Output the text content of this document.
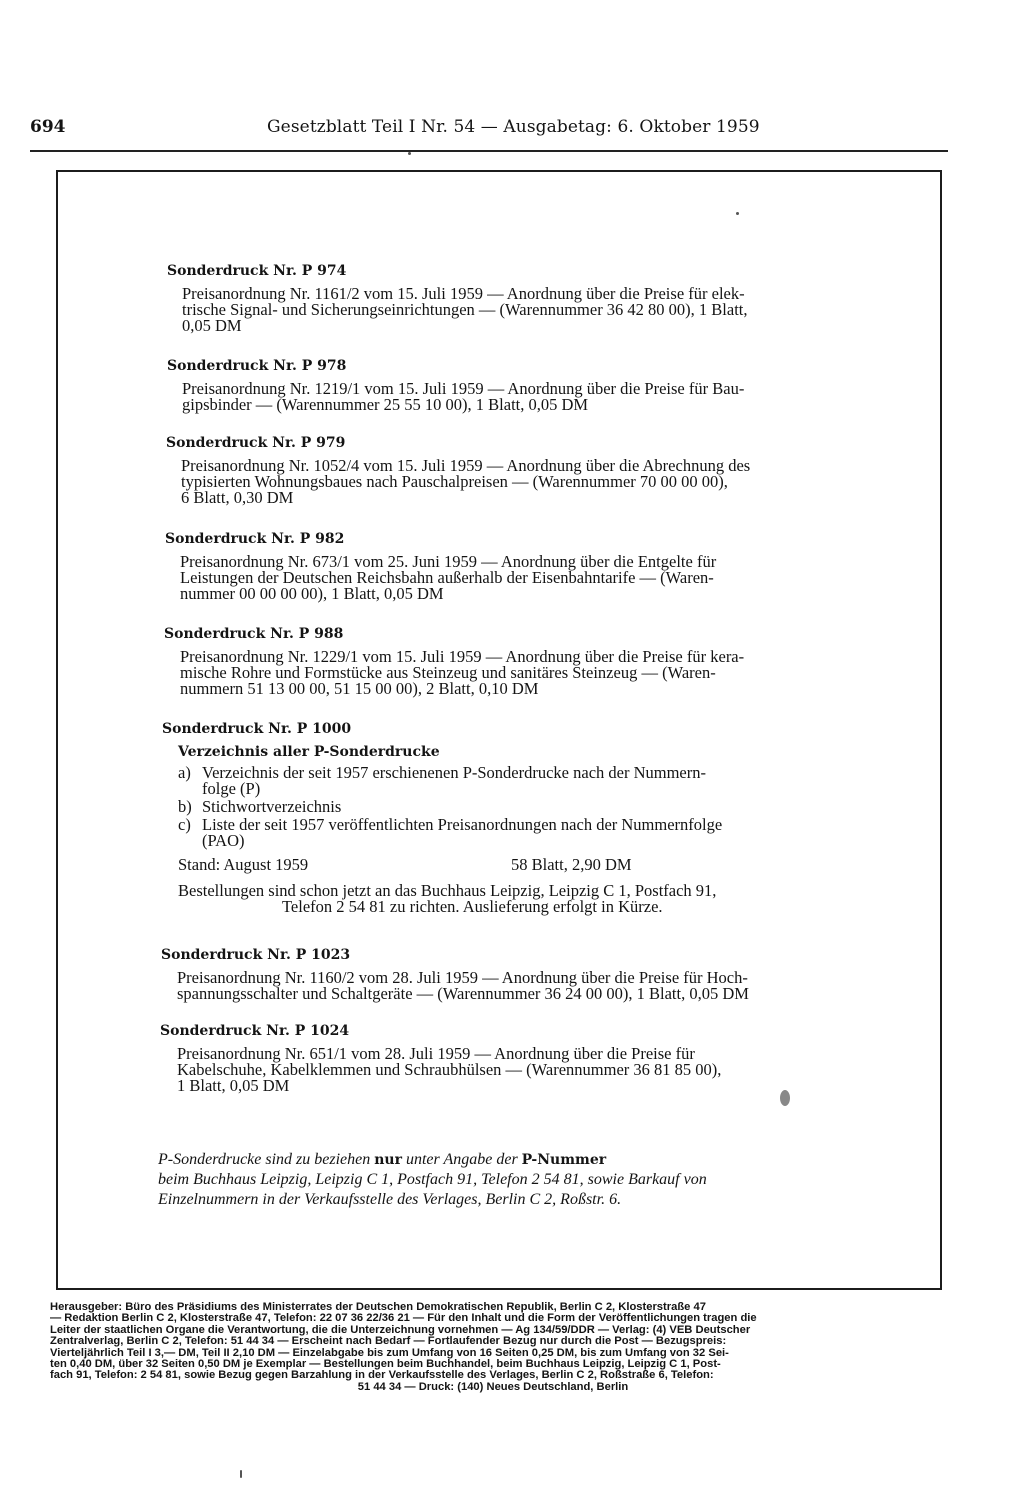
694	Gesetzblatt Teil I Nr. 54 — Ausgabetag: 6. Oktober 1959
Sonderdruck Nr. P 974
Preisanordnung Nr. 1161/2 vom 15. Juli 1959 — Anordnung über die Preise für elek-
trische Signal- und Sicherungseinrichtungen — (Warennummer 36 42 80 00), 1 Blatt,
0,05 DM
Sonderdruck Nr. P 978
Preisanordnung Nr. 1219/1 vom 15. Juli 1959 — Anordnung über die Preise für Bau-
gipsbinder — (Warennummer 25 55 10 00), 1 Blatt, 0,05 DM
Sonderdruck Nr. P 979
Preisanordnung Nr. 1052/4 vom 15. Juli 1959 — Anordnung über die Abrechnung des
typisierten Wohnungsbaues nach Pauschalpreisen — (Warennummer 70 00 00 00),
6 Blatt, 0,30 DM
Sonderdruck Nr. P 982
Preisanordnung Nr. 673/1 vom 25. Juni 1959 — Anordnung über die Entgelte für
Leistungen der Deutschen Reichsbahn außerhalb der Eisenbahntarife — (Waren-
nummer 00 00 00 00), 1 Blatt, 0,05 DM
Sonderdruck Nr. P 988
Preisanordnung Nr. 1229/1 vom 15. Juli 1959 — Anordnung über die Preise für kera-
mische Rohre und Formstücke aus Steinzeug und sanitäres Steinzeug — (Waren-
nummern 51 13 00 00, 51 15 00 00), 2 Blatt, 0,10 DM
Sonderdruck Nr. P 1000
Verzeichnis aller P-Sonderdrucke
a) Verzeichnis der seit 1957 erschienenen P-Sonderdrucke nach der Nummern-
folge (P)
b) Stichwortverzeichnis
c) Liste der seit 1957 veröffentlichten Preisanordnungen nach der Nummernfolge
(PAO)
Stand: August 1959	58 Blatt, 2,90 DM
Bestellungen sind schon jetzt an das Buchhaus Leipzig, Leipzig C 1, Postfach 91,
Telefon 2 54 81 zu richten. Auslieferung erfolgt in Kürze.
Sonderdruck Nr. P 1023
Preisanordnung Nr. 1160/2 vom 28. Juli 1959 — Anordnung über die Preise für Hoch-
spannungsschalter und Schaltgeräte — (Warennummer 36 24 00 00), 1 Blatt, 0,05 DM
Sonderdruck Nr. P 1024
Preisanordnung Nr. 651/1 vom 28. Juli 1959 — Anordnung über die Preise für
Kabelschuhe, Kabelklemmen und Schraubhülsen — (Warennummer 36 81 85 00),
1 Blatt, 0,05 DM
P-Sonderdrucke sind zu beziehen nur unter Angabe der P-Nummer
beim Buchhaus Leipzig, Leipzig C 1, Postfach 91, Telefon 2 54 81, sowie Barkauf von
Einzelnummern in der Verkaufsstelle des Verlages, Berlin C 2, Roßstr. 6.
Herausgeber: Büro des Präsidiums des Ministerrates der Deutschen Demokratischen Republik, Berlin C 2, Klosterstraße 47
— Redaktion Berlin C 2, Klosterstraße 47, Telefon: 22 07 36 22/36 21 — Für den Inhalt und die Form der Veröffentlichungen tragen die
Leiter der staatlichen Organe die Verantwortung, die die Unterzeichnung vornehmen — Ag 134/59/DDR — Verlag: (4) VEB Deutscher
Zentralverlag, Berlin C 2, Telefon: 51 44 34 — Erscheint nach Bedarf — Fortlaufender Bezug nur durch die Post — Bezugspreis:
Vierteljährlich Teil I 3,— DM, Teil II 2,10 DM — Einzelabgabe bis zum Umfang von 16 Seiten 0,25 DM, bis zum Umfang von 32 Sei-
ten 0,40 DM, über 32 Seiten 0,50 DM je Exemplar — Bestellungen beim Buchhandel, beim Buchhaus Leipzig, Leipzig C 1, Post-
fach 91, Telefon: 2 54 81, sowie Bezug gegen Barzahlung in der Verkaufsstelle des Verlages, Berlin C 2, Roßstraße 6, Telefon:
51 44 34 — Druck: (140) Neues Deutschland, Berlin
